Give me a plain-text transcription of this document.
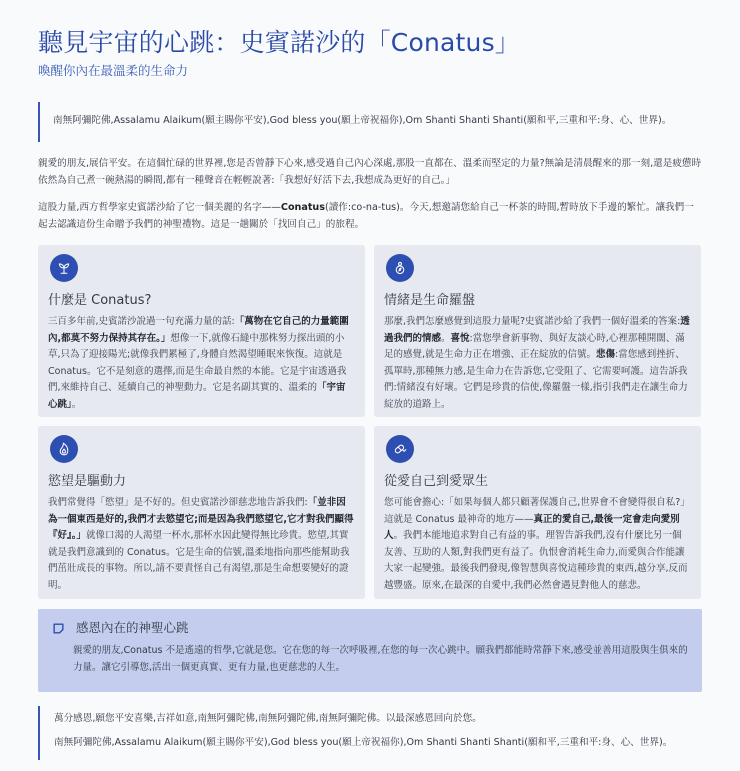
聽見宇宙的心跳：史賓諾沙的「Conatus」
喚醒你內在最溫柔的生命力
南無阿彌陀佛,Assalamu Alaikum(願主賜你平安),God bless you(願上帝祝福你),Om Shanti Shanti Shanti(願和平,三重和平:身、心、世界)。

親愛的朋友,展信平安。在這個忙碌的世界裡,您是否曾靜下心來,感受過自己內心深處,那股一直都在、溫柔而堅定的力量?無論是清晨醒來的那一刻,還是疲憊時依然為自己煮一碗熱湯的瞬間,都有一種聲音在輕輕說著:「我想好好活下去,我想成為更好的自己。」

這股力量,西方哲學家史賓諾沙給了它一個美麗的名字——Conatus(讀作:co-na-tus)。今天,想邀請您給自己一杯茶的時間,暫時放下手邊的繁忙。讓我們一起去認識這份生命贈予我們的神聖禮物。這是一趟關於「找回自己」的旅程。

什麼是 Conatus?
三百多年前,史賓諾沙說過一句充滿力量的話:「萬物在它自己的力量範圍內,都莫不努力保持其存在。」想像一下,就像石縫中那株努力探出頭的小草,只為了迎接陽光;就像我們累極了,身體自然渴望睡眠來恢復。這就是 Conatus。它不是刻意的選擇,而是生命最自然的本能。它是宇宙透過我們,來維持自己、延續自己的神聖動力。它是名副其實的、溫柔的「宇宙心跳」。
情緒是生命羅盤
那麼,我們怎麼感覺到這股力量呢?史賓諾沙給了我們一個好溫柔的答案:透過我們的情感。喜悅:當您學會新事物、與好友談心時,心裡那種開闊、滿足的感覺,就是生命力正在增強、正在綻放的信號。悲傷:當您感到挫折、孤單時,那種無力感,是生命力在告訴您,它受阻了、它需要呵護。這告訴我們:情緒沒有好壞。它們是珍貴的信使,像羅盤一樣,指引我們走在讓生命力綻放的道路上。
慾望是驅動力
我們常覺得「慾望」是不好的。但史賓諾沙卻慈悲地告訴我們:「並非因為一個東西是好的,我們才去慾望它;而是因為我們慾望它,它才對我們顯得『好』。」就像口渴的人渴望一杯水,那杯水因此變得無比珍貴。慾望,其實就是我們意識到的 Conatus。它是生命的信號,溫柔地指向那些能幫助我們茁壯成長的事物。所以,請不要責怪自己有渴望,那是生命想要變好的證明。
從愛自己到愛眾生
您可能會擔心:「如果每個人都只顧著保護自己,世界會不會變得很自私?」這就是 Conatus 最神奇的地方——真正的愛自己,最後一定會走向愛別人。我們本能地追求對自己有益的事。理智告訴我們,沒有什麼比另一個友善、互助的人類,對我們更有益了。仇恨會消耗生命力,而愛與合作能讓大家一起變強。最後我們發現,像智慧與喜悅這種珍貴的東西,越分享,反而越豐盛。原來,在最深的自愛中,我們必然會遇見對他人的慈悲。
感恩內在的神聖心跳

親愛的朋友,Conatus 不是遙遠的哲學,它就是您。它在您的每一次呼吸裡,在您的每一次心跳中。願我們都能時常靜下來,感受並善用這股與生俱來的力量。讓它引導您,活出一個更真實、更有力量,也更慈悲的人生。

萬分感恩,願您平安喜樂,吉祥如意,南無阿彌陀佛,南無阿彌陀佛,南無阿彌陀佛。以最深感恩回向於您。

南無阿彌陀佛,Assalamu Alaikum(願主賜你平安),God bless you(願上帝祝福你),Om Shanti Shanti Shanti(願和平,三重和平:身、心、世界)。
